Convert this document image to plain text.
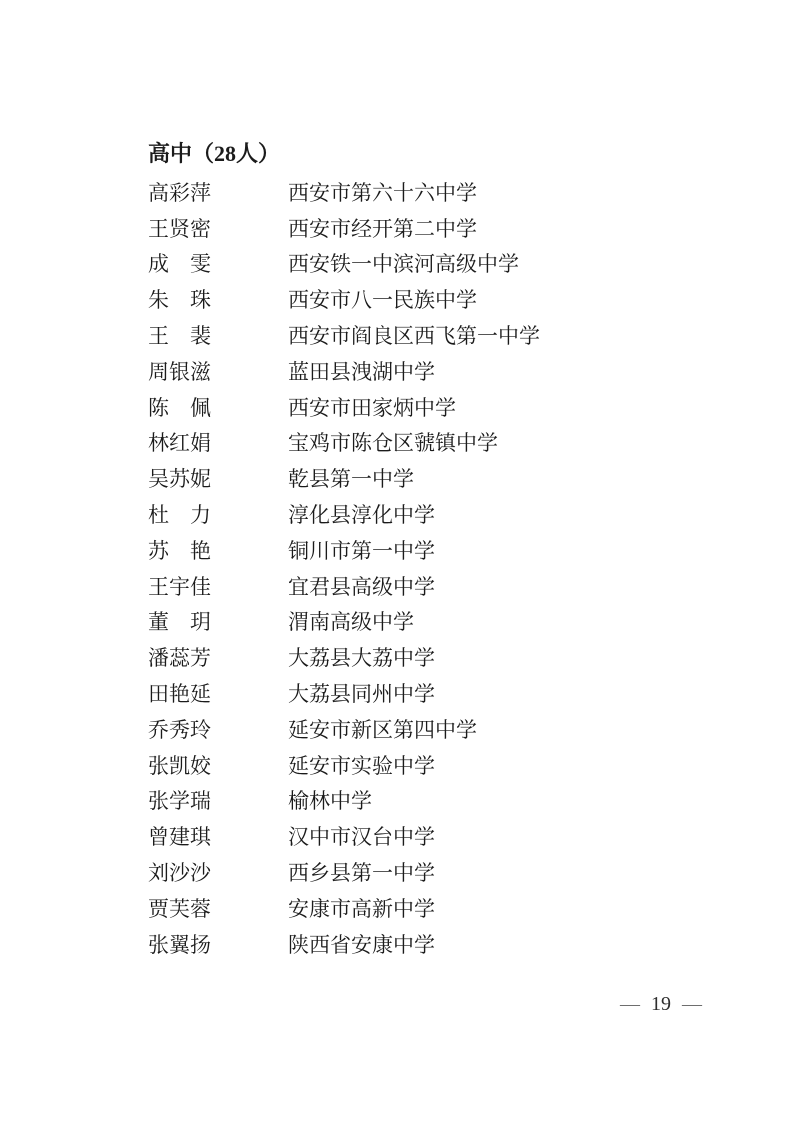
高中（28人）
高彩萍	西安市第六十六中学
王贤密	西安市经开第二中学
成　雯	西安铁一中滨河高级中学
朱　珠	西安市八一民族中学
王　裴	西安市阎良区西飞第一中学
周银滋	蓝田县洩湖中学
陈　佩	西安市田家炳中学
林红娟	宝鸡市陈仓区虢镇中学
吴苏妮	乾县第一中学
杜　力	淳化县淳化中学
苏　艳	铜川市第一中学
王宇佳	宜君县高级中学
董　玥	渭南高级中学
潘蕊芳	大荔县大荔中学
田艳延	大荔县同州中学
乔秀玲	延安市新区第四中学
张凯姣	延安市实验中学
张学瑞	榆林中学
曾建琪	汉中市汉台中学
刘沙沙	西乡县第一中学
贾芙蓉	安康市高新中学
张翼扬	陕西省安康中学
— 19 —
